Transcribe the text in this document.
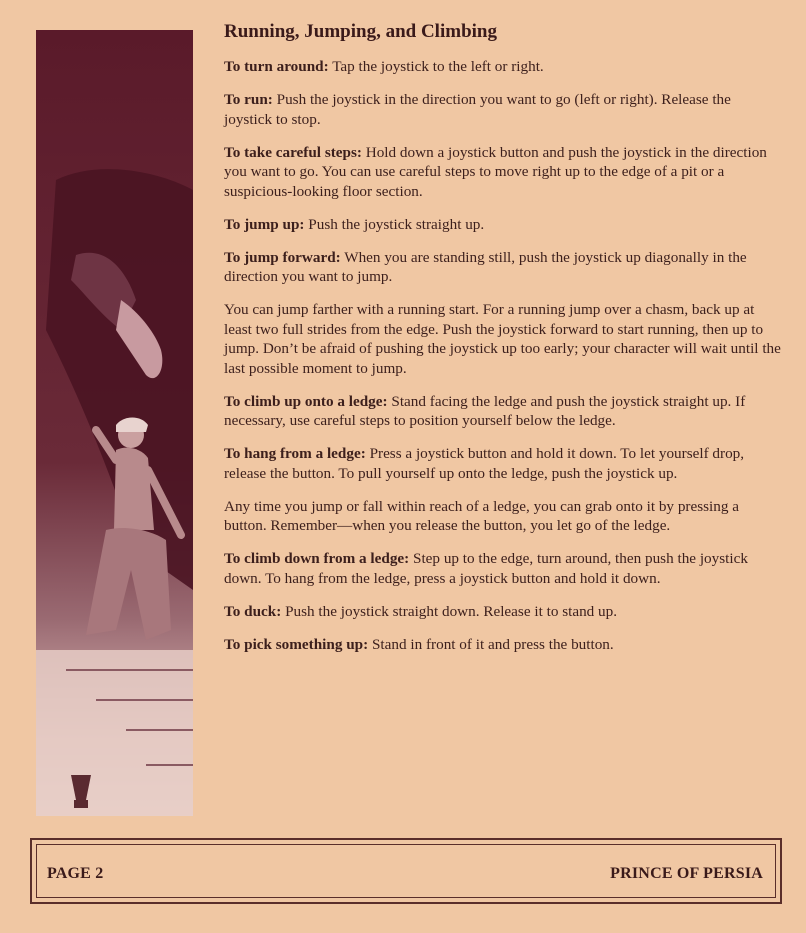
Running, Jumping, and Climbing

To turn around: Tap the joystick to the left or right.

To run: Push the joystick in the direction you want to go (left or right). Release the joystick to stop.

To take careful steps: Hold down a joystick button and push the joystick in the direction you want to go. You can use careful steps to move right up to the edge of a pit or a suspicious-looking floor section.

To jump up: Push the joystick straight up.

To jump forward: When you are standing still, push the joystick up diagonally in the direction you want to jump.

You can jump farther with a running start. For a running jump over a chasm, back up at least two full strides from the edge. Push the joystick forward to start running, then up to jump. Don’t be afraid of pushing the joystick up too early; your character will wait until the last possible moment to jump.

To climb up onto a ledge: Stand facing the ledge and push the joystick straight up. If necessary, use careful steps to position yourself below the ledge.

To hang from a ledge: Press a joystick button and hold it down. To let yourself drop, release the button. To pull yourself up onto the ledge, push the joystick up.

Any time you jump or fall within reach of a ledge, you can grab onto it by pressing a button. Remember—when you release the button, you let go of the ledge.

To climb down from a ledge: Step up to the edge, turn around, then push the joystick down. To hang from the ledge, press a joystick button and hold it down.

To duck: Push the joystick straight down. Release it to stand up.

To pick something up: Stand in front of it and press the button.

PAGE 2	PRINCE OF PERSIA
